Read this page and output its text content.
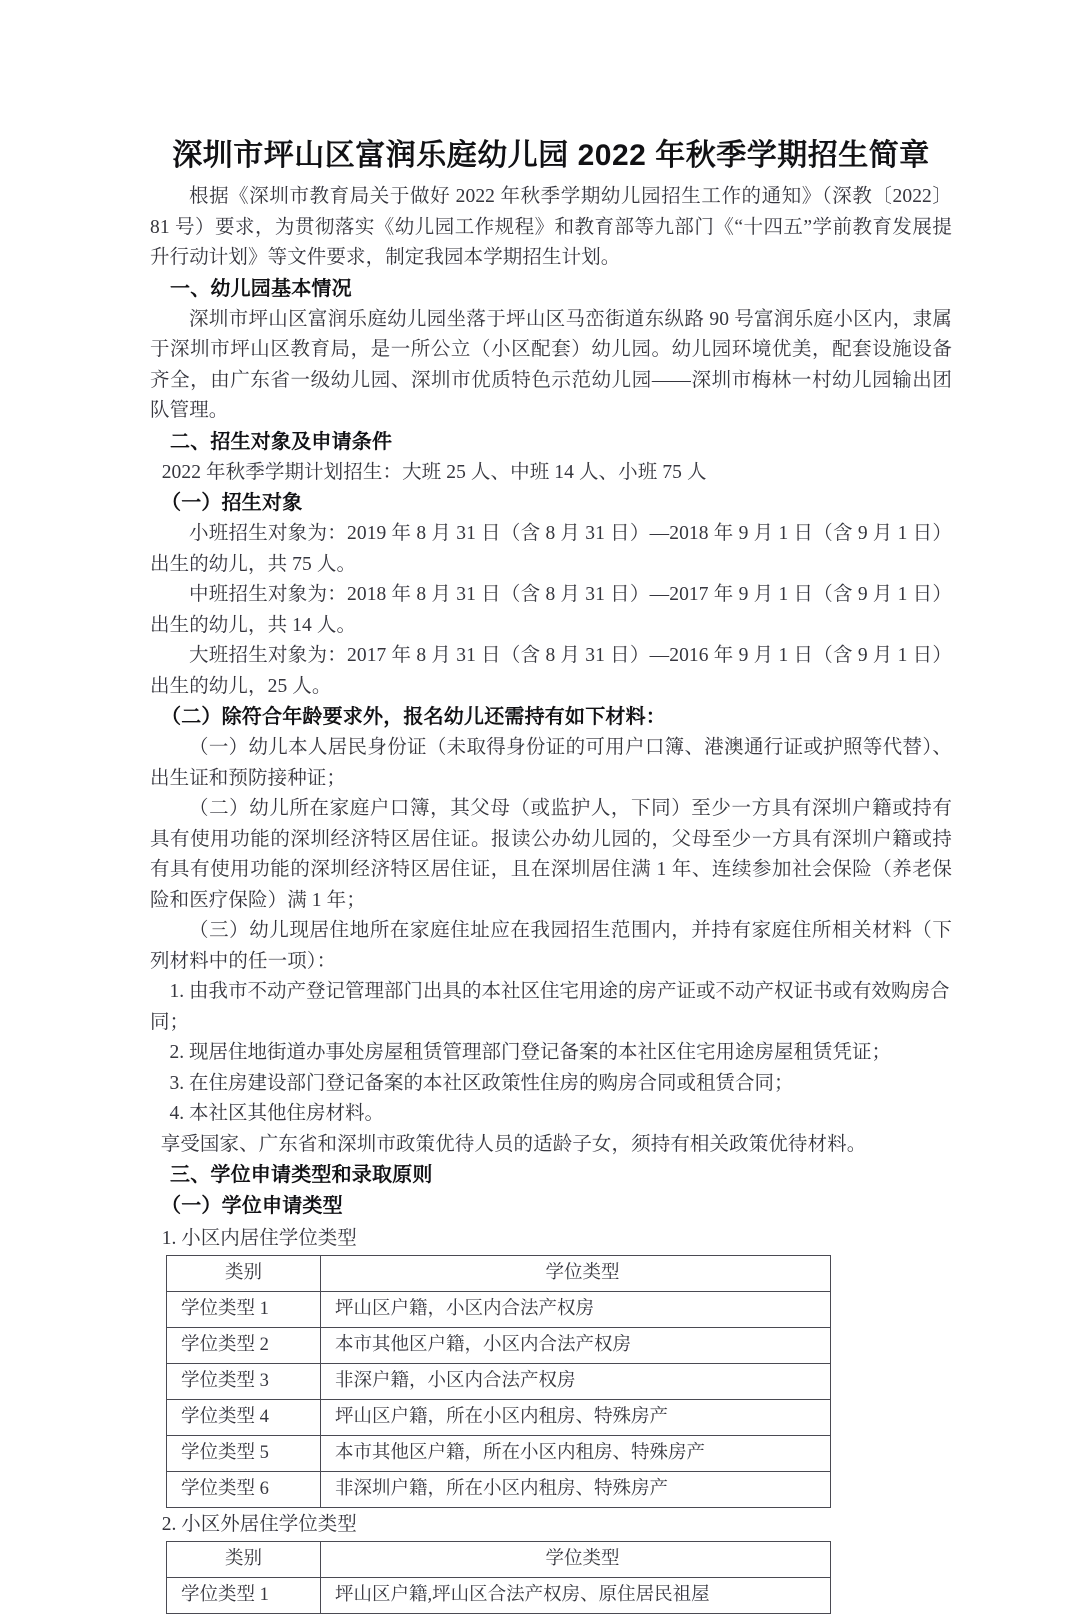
深圳市坪山区富润乐庭幼儿园 2022 年秋季学期招生简章

根据《深圳市教育局关于做好 2022 年秋季学期幼儿园招生工作的通知》（深教〔2022〕81 号）要求，为贯彻落实《幼儿园工作规程》和教育部等九部门《“十四五”学前教育发展提升行动计划》等文件要求，制定我园本学期招生计划。

一、幼儿园基本情况

深圳市坪山区富润乐庭幼儿园坐落于坪山区马峦街道东纵路 90 号富润乐庭小区内，隶属于深圳市坪山区教育局，是一所公立（小区配套）幼儿园。幼儿园环境优美，配套设施设备齐全，由广东省一级幼儿园、深圳市优质特色示范幼儿园——深圳市梅林一村幼儿园输出团队管理。

二、招生对象及申请条件

2022 年秋季学期计划招生：大班 25 人、中班 14 人、小班 75 人

（一）招生对象

小班招生对象为：2019 年 8 月 31 日（含 8 月 31 日）—2018 年 9 月 1 日（含 9 月 1 日）出生的幼儿，共 75 人。

中班招生对象为：2018 年 8 月 31 日（含 8 月 31 日）—2017 年 9 月 1 日（含 9 月 1 日）出生的幼儿，共 14 人。

大班招生对象为：2017 年 8 月 31 日（含 8 月 31 日）—2016 年 9 月 1 日（含 9 月 1 日）出生的幼儿，25 人。

（二）除符合年龄要求外，报名幼儿还需持有如下材料：

（一）幼儿本人居民身份证（未取得身份证的可用户口簿、港澳通行证或护照等代替）、出生证和预防接种证；

（二）幼儿所在家庭户口簿，其父母（或监护人，下同）至少一方具有深圳户籍或持有具有使用功能的深圳经济特区居住证。报读公办幼儿园的，父母至少一方具有深圳户籍或持有具有使用功能的深圳经济特区居住证，且在深圳居住满 1 年、连续参加社会保险（养老保险和医疗保险）满 1 年；

（三）幼儿现居住地所在家庭住址应在我园招生范围内，并持有家庭住所相关材料（下列材料中的任一项）：

1. 由我市不动产登记管理部门出具的本社区住宅用途的房产证或不动产权证书或有效购房合同；

2. 现居住地街道办事处房屋租赁管理部门登记备案的本社区住宅用途房屋租赁凭证；

3. 在住房建设部门登记备案的本社区政策性住房的购房合同或租赁合同；

4. 本社区其他住房材料。

享受国家、广东省和深圳市政策优待人员的适龄子女，须持有相关政策优待材料。

三、学位申请类型和录取原则

（一）学位申请类型

1. 小区内居住学位类型

类别	学位类型
学位类型 1	坪山区户籍，小区内合法产权房
学位类型 2	本市其他区户籍，小区内合法产权房
学位类型 3	非深户籍，小区内合法产权房
学位类型 4	坪山区户籍，所在小区内租房、特殊房产
学位类型 5	本市其他区户籍，所在小区内租房、特殊房产
学位类型 6	非深圳户籍，所在小区内租房、特殊房产

2. 小区外居住学位类型

类别	学位类型
学位类型 1	坪山区户籍,坪山区合法产权房、原住居民祖屋
